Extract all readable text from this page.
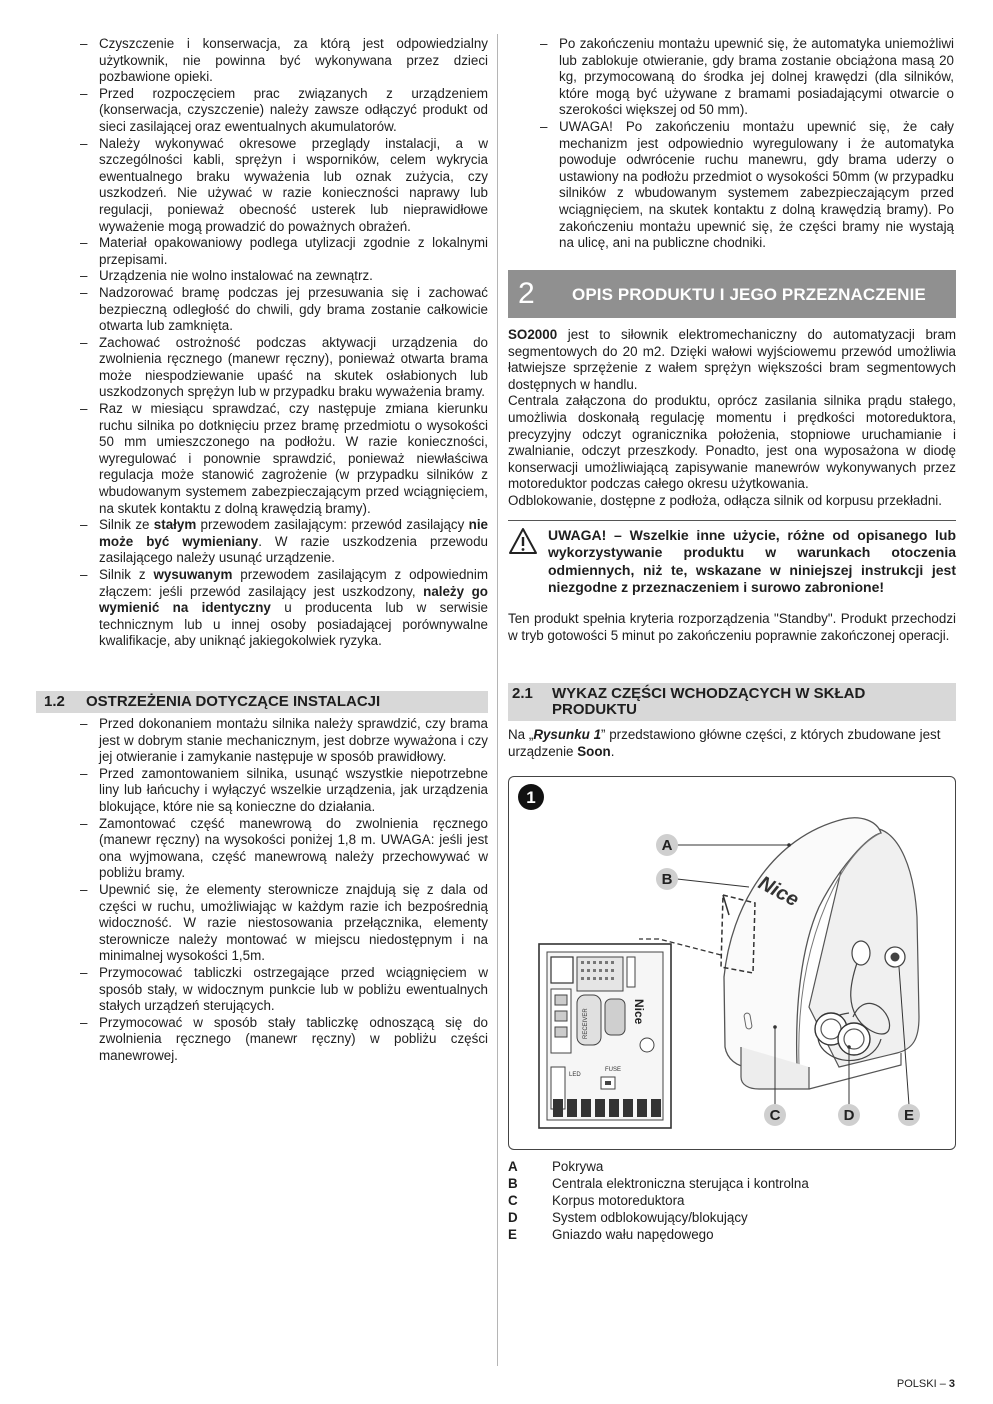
– Czyszczenie i konserwacja, za którą jest odpowiedzialny użytkownik, nie powinna być wykonywana przez dzieci pozbawione opieki.
– Przed rozpoczęciem prac związanych z urządzeniem (konserwacja, czyszczenie) należy zawsze odłączyć produkt od sieci zasilającej oraz ewentualnych akumulatorów.
– Należy wykonywać okresowe przeglądy instalacji, a w szczególności kabli, sprężyn i wsporników, celem wykrycia ewentualnego braku wyważenia lub oznak zużycia, czy uszkodzeń. Nie używać w razie konieczności naprawy lub regulacji, ponieważ obecność usterek lub nieprawidłowe wyważenie mogą prowadzić do poważnych obrażeń.
– Materiał opakowaniowy podlega utylizacji zgodnie z lokalnymi przepisami.
– Urządzenia nie wolno instalować na zewnątrz.
– Nadzorować bramę podczas jej przesuwania się i zachować bezpieczną odległość do chwili, gdy brama zostanie całkowicie otwarta lub zamknięta.
– Zachować ostrożność podczas aktywacji urządzenia do zwolnienia ręcznego (manewr ręczny), ponieważ otwarta brama może niespodziewanie upaść na skutek osłabionych lub uszkodzonych sprężyn lub w przypadku braku wyważenia bramy.
– Raz w miesiącu sprawdzać, czy następuje zmiana kierunku ruchu silnika po dotknięciu przez bramę przedmiotu o wysokości 50 mm umieszczonego na podłożu. W razie konieczności, wyregulować i ponownie sprawdzić, ponieważ niewłaściwa regulacja może stanowić zagrożenie (w przypadku silników z wbudowanym systemem zabezpieczającym przed wciągnięciem, na skutek kontaktu z dolną krawędzią bramy).
– Silnik ze stałym przewodem zasilającym: przewód zasilający nie może być wymieniany. W razie uszkodzenia przewodu zasilającego należy usunąć urządzenie.
– Silnik z wysuwanym przewodem zasilającym z odpowiednim złączem: jeśli przewód zasilający jest uszkodzony, należy go wymienić na identyczny u producenta lub w serwisie technicznym lub u innej osoby posiadającej porównywalne kwalifikacje, aby uniknąć jakiegokolwiek ryzyka.
1.2 OSTRZEŻENIA DOTYCZĄCE INSTALACJI
– Przed dokonaniem montażu silnika należy sprawdzić, czy brama jest w dobrym stanie mechanicznym, jest dobrze wyważona i czy jej otwieranie i zamykanie następuje w sposób prawidłowy.
– Przed zamontowaniem silnika, usunąć wszystkie niepotrzebne liny lub łańcuchy i wyłączyć wszelkie urządzenia, jak urządzenia blokujące, które nie są konieczne do działania.
– Zamontować część manewrową do zwolnienia ręcznego (manewr ręczny) na wysokości poniżej 1,8 m. UWAGA: jeśli jest ona wyjmowana, część manewrową należy przechowywać w pobliżu bramy.
– Upewnić się, że elementy sterownicze znajdują się z dala od części w ruchu, umożliwiając w każdym razie ich bezpośrednią widoczność. W razie niestosowania przełącznika, elementy sterownicze należy montować w miejscu niedostępnym i na minimalnej wysokości 1,5m.
– Przymocować tabliczki ostrzegające przed wciągnięciem w sposób stały, w widocznym punkcie lub w pobliżu ewentualnych stałych urządzeń sterujących.
– Przymocować w sposób stały tabliczkę odnoszącą się do zwolnienia ręcznego (manewr ręczny) w pobliżu części manewrowej.
– Po zakończeniu montażu upewnić się, że automatyka uniemożliwi lub zablokuje otwieranie, gdy brama zostanie obciążona masą 20 kg, przymocowaną do środka jej dolnej krawędzi (dla silników, które mogą być używane z bramami posiadającymi otwarcie o szerokości większej od 50 mm).
– UWAGA! Po zakończeniu montażu upewnić się, że cały mechanizm jest odpowiednio wyregulowany i że automatyka powoduje odwrócenie ruchu manewru, gdy brama uderzy o ustawiony na podłożu przedmiot o wysokości 50mm (w przypadku silników z wbudowanym systemem zabezpieczającym przed wciągnięciem, na skutek kontaktu z dolną krawędzią bramy). Po zakończeniu montażu upewnić się, że części bramy nie wystają na ulicę, ani na publiczne chodniki.
2 OPIS PRODUKTU I JEGO PRZEZNACZENIE

SO2000 jest to siłownik elektromechaniczny do automatyzacji bram segmentowych do 20 m2. Dzięki wałowi wyjściowemu przewód umożliwia łatwiejsze sprzężenie z wałem sprężyn większości bram segmentowych dostępnych w handlu.

Centrala załączona do produktu, oprócz zasilania silnika prądu stałego, umożliwia doskonałą regulację momentu i prędkości motoreduktora, precyzyjny odczyt ogranicznika położenia, stopniowe uruchamianie i zwalnianie, odczyt przeszkody. Ponadto, jest ona wyposażona w diodę konserwacji umożliwiającą zapisywanie manewrów wykonywanych przez motoreduktor podczas całego okresu użytkowania.

Odblokowanie, dostępne z podłoża, odłącza silnik od korpusu przekładni.

UWAGA! – Wszelkie inne użycie, różne od opisanego lub wykorzystywanie produktu w warunkach otoczenia odmiennych, niż te, wskazane w niniejszej instrukcji jest niezgodne z przeznaczeniem i surowo zabronione!

Ten produkt spełnia kryteria rozporządzenia "Standby". Produkt przechodzi w tryb gotowości 5 minut po zakończeniu poprawnie zakończonej operacji.

2.1 WYKAZ CZĘŚCI WCHODZĄCYCH W SKŁAD PRODUKTU

Na „Rysunku 1” przedstawiono główne części, z których zbudowane jest urządzenie Soon.

1
Nice
RECEIVER	Nice
FUSE
LED
A
B
C	D	E
A	Pokrywa
B	Centrala elektroniczna sterująca i kontrolna
C	Korpus motoreduktora
D	System odblokowujący/blokujący
E	Gniazdo wału napędowego
POLSKI – 3
